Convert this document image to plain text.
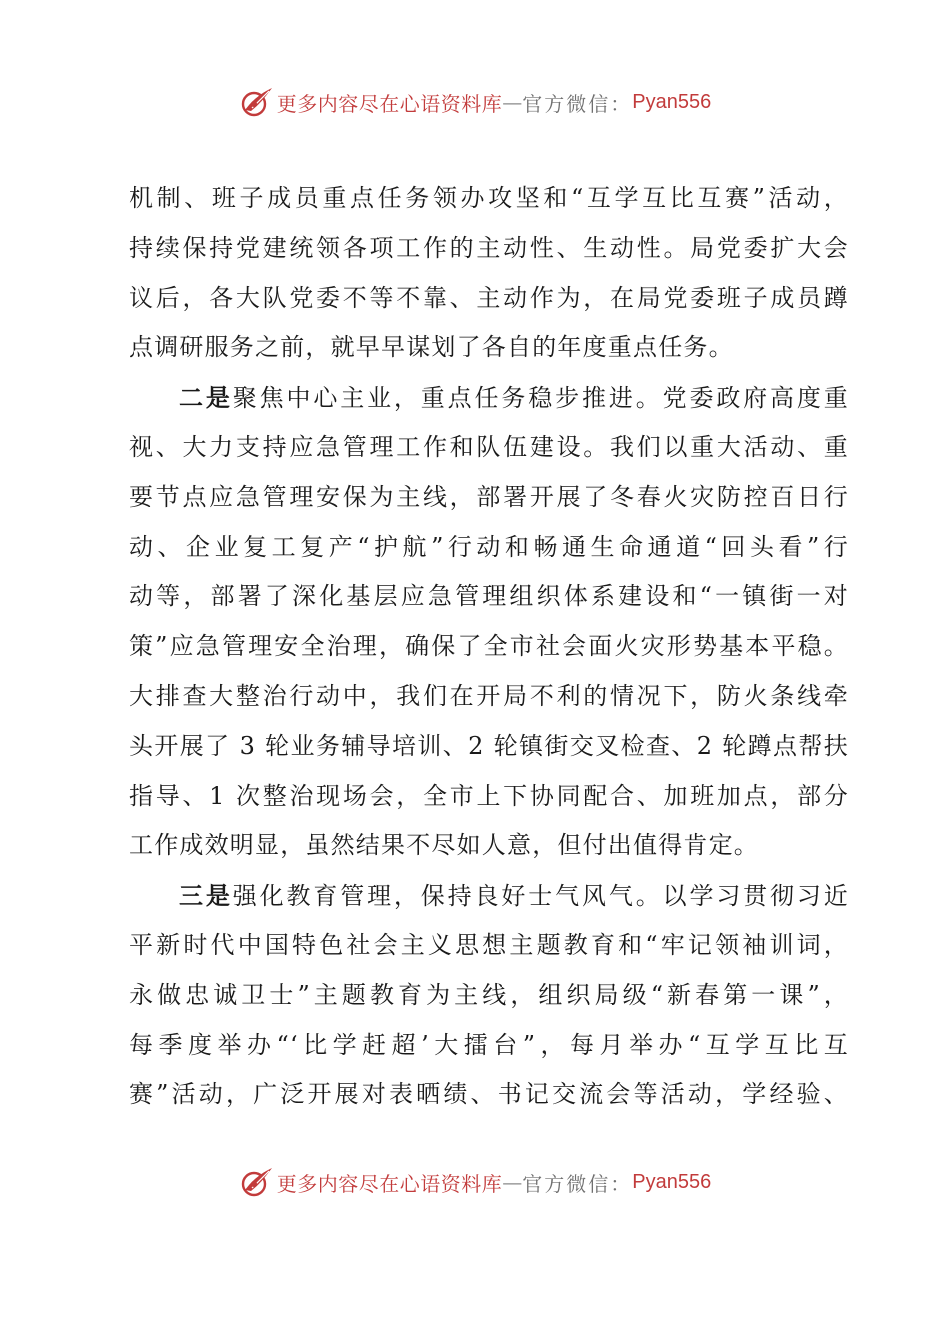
更多内容尽在心语资料库 — 官方微信： Pyan556
机制、班子成员重点任务领办攻坚和“互学互比互赛”活动，
持续保持党建统领各项工作的主动性、生动性。局党委扩大会
议后，各大队党委不等不靠、主动作为，在局党委班子成员蹲
点调研服务之前，就早早谋划了各自的年度重点任务。
二是聚焦中心主业，重点任务稳步推进。党委政府高度重
视、大力支持应急管理工作和队伍建设。我们以重大活动、重
要节点应急管理安保为主线，部署开展了冬春火灾防控百日行
动、企业复工复产“护航”行动和畅通生命通道“回头看”行
动等，部署了深化基层应急管理组织体系建设和“一镇街一对
策”应急管理安全治理，确保了全市社会面火灾形势基本平稳。
大排查大整治行动中，我们在开局不利的情况下，防火条线牵
头开展了 3 轮业务辅导培训、2 轮镇街交叉检查、2 轮蹲点帮扶
指导、1 次整治现场会，全市上下协同配合、加班加点，部分
工作成效明显，虽然结果不尽如人意，但付出值得肯定。
三是强化教育管理，保持良好士气风气。以学习贯彻习近
平新时代中国特色社会主义思想主题教育和“牢记领袖训词，
永做忠诚卫士”主题教育为主线，组织局级“新春第一课”，
每季度举办“‘比学赶超’大擂台”，每月举办“互学互比互
赛”活动，广泛开展对表晒绩、书记交流会等活动，学经验、
更多内容尽在心语资料库 — 官方微信： Pyan556
